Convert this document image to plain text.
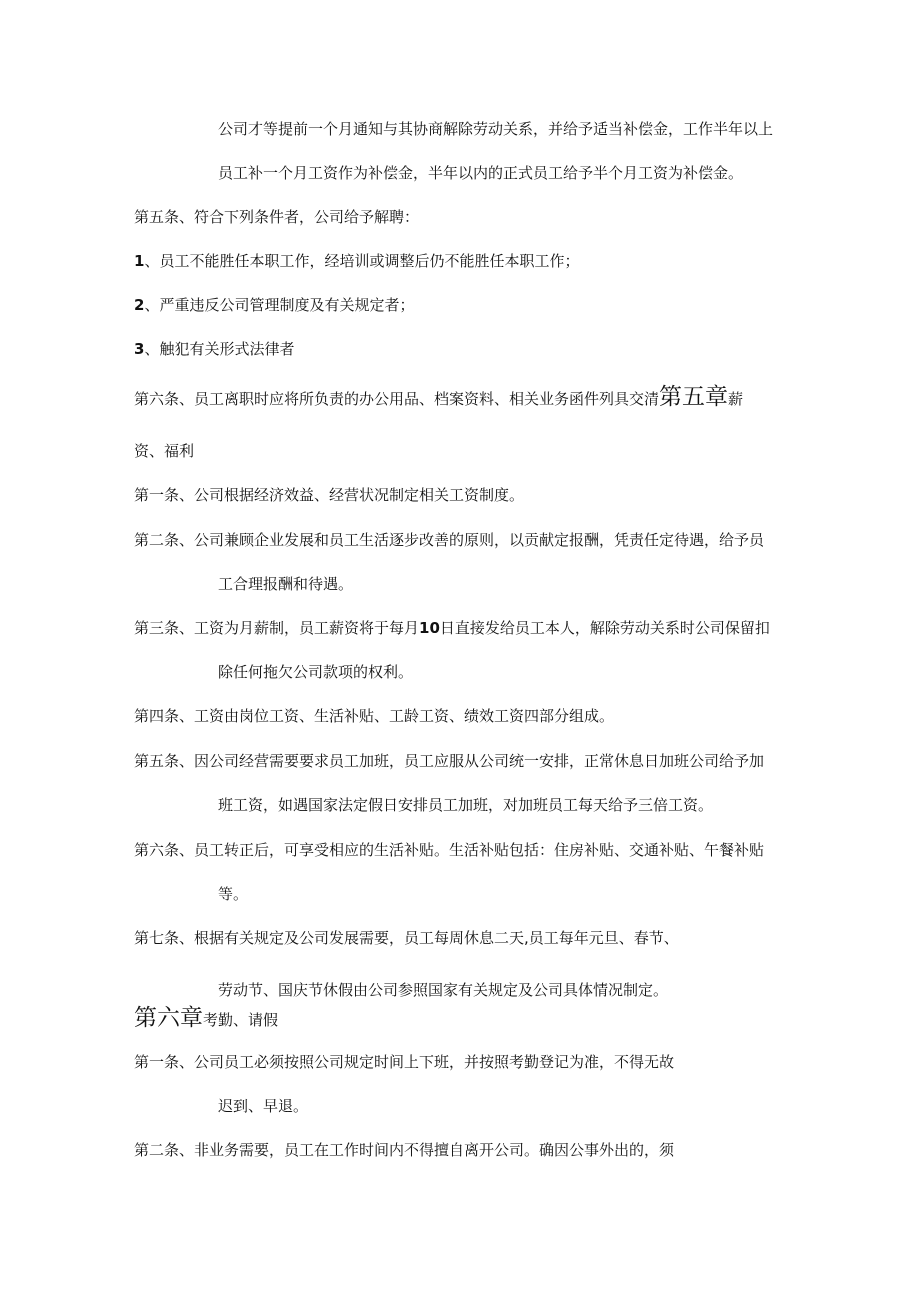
公司才等提前一个月通知与其协商解除劳动关系，并给予适当补偿金，工作半年以上
员工补一个月工资作为补偿金，半年以内的正式员工给予半个月工资为补偿金。
第五条、符合下列条件者，公司给予解聘：
1、员工不能胜任本职工作，经培训或调整后仍不能胜任本职工作；
2、严重违反公司管理制度及有关规定者；
3、触犯有关形式法律者
第六条、员工离职时应将所负责的办公用品、档案资料、相关业务函件列具交清第五章薪
资、福利
第一条、公司根据经济效益、经营状况制定相关工资制度。
第二条、公司兼顾企业发展和员工生活逐步改善的原则，以贡献定报酬，凭责任定待遇，给予员
工合理报酬和待遇。
第三条、工资为月薪制，员工薪资将于每月10日直接发给员工本人，解除劳动关系时公司保留扣
除任何拖欠公司款项的权利。
第四条、工资由岗位工资、生活补贴、工龄工资、绩效工资四部分组成。
第五条、因公司经营需要要求员工加班，员工应服从公司统一安排，正常休息日加班公司给予加
班工资，如遇国家法定假日安排员工加班，对加班员工每天给予三倍工资。
第六条、员工转正后，可享受相应的生活补贴。生活补贴包括：住房补贴、交通补贴、午餐补贴
等。
第七条、根据有关规定及公司发展需要，员工每周休息二天,员工每年元旦、春节、
劳动节、国庆节休假由公司参照国家有关规定及公司具体情况制定。
第六章考勤、请假
第一条、公司员工必须按照公司规定时间上下班，并按照考勤登记为准，不得无故
迟到、早退。
第二条、非业务需要，员工在工作时间内不得擅自离开公司。确因公事外出的，须
